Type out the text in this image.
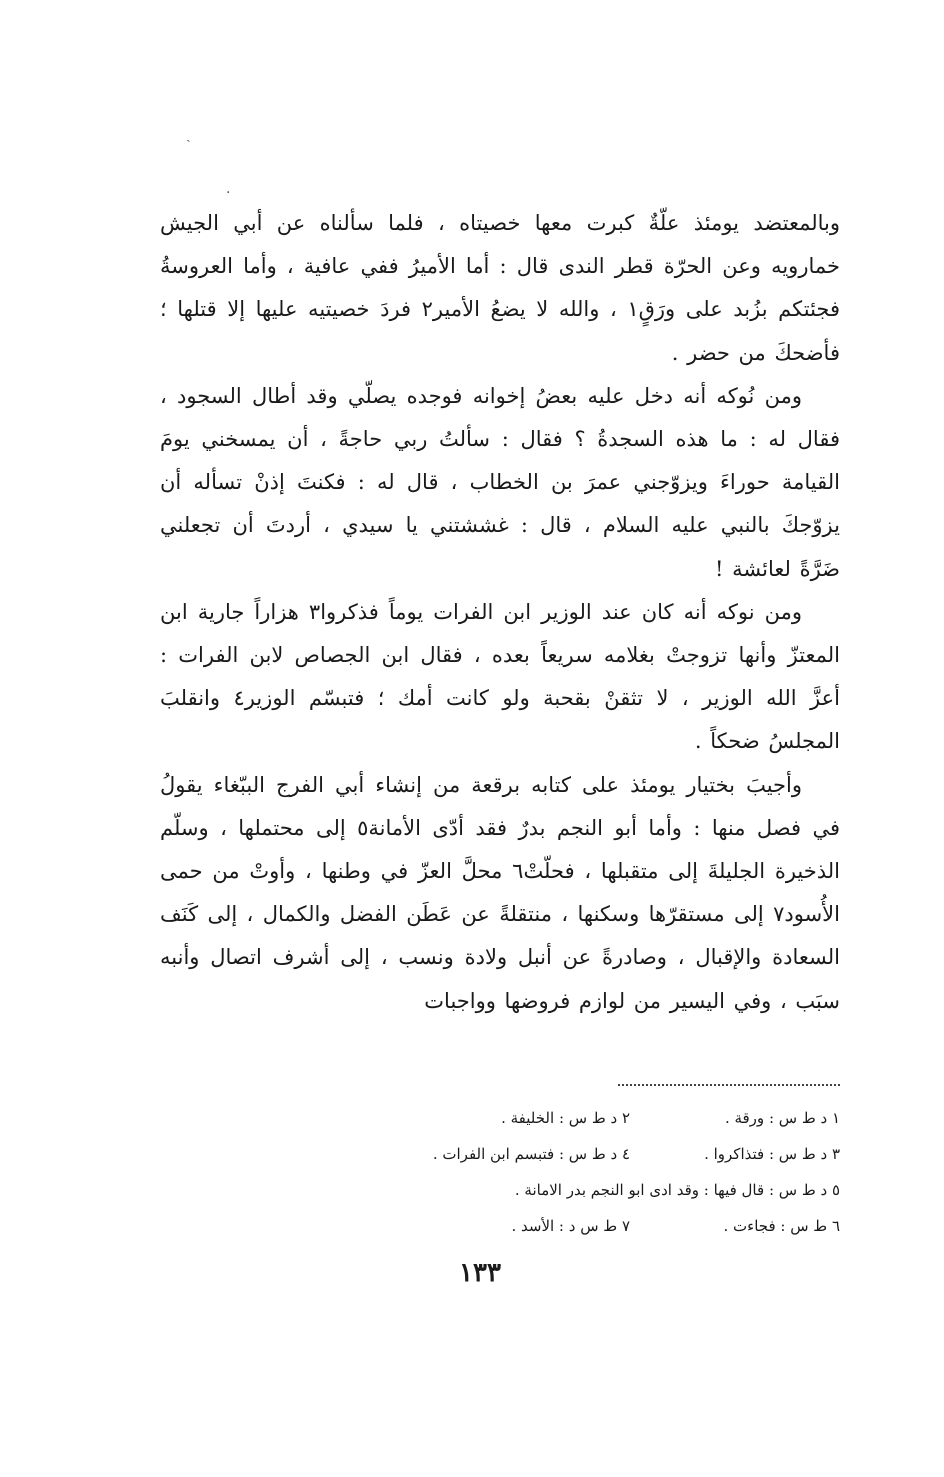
ˎ
·

وبالمعتضد يومئذ علّةٌ كبرت معها خصيتاه ، فلما سألناه عن أبي الجيش خمارويه وعن الحرّة قطر الندى قال : أما الأميرُ ففي عافية ، وأما العروسةُ فجئتكم بزُبد على ورَقٍ١ ، والله لا يضعُ الأمير٢ فردَ خصيتيه عليها إلا قتلها ؛ فأضحكَ من حضر .

ومن نُوكه أنه دخل عليه بعضُ إخوانه فوجده يصلّي وقد أطال السجود ، فقال له : ما هذه السجدةُ ؟ فقال : سألتُ ربي حاجةً ، أن يمسخني يومَ القيامة حوراءَ ويزوّجني عمرَ بن الخطاب ، قال له : فكنتَ إذنْ تسأله أن يزوّجكَ بالنبي عليه السلام ، قال : غششتني يا سيدي ، أردتَ أن تجعلني ضَرَّةً لعائشة !

ومن نوكه أنه كان عند الوزير ابن الفرات يوماً فذكروا٣ هزاراً جارية ابن المعتزّ وأنها تزوجتْ بغلامه سريعاً بعده ، فقال ابن الجصاص لابن الفرات : أعزَّ الله الوزير ، لا تثقنْ بقحبة ولو كانت أمك ؛ فتبسّم الوزير٤ وانقلبَ المجلسُ ضحكاً .

وأجيبَ بختيار يومئذ على كتابه برقعة من إنشاء أبي الفرج الببّغاء يقولُ في فصل منها : وأما أبو النجم بدرٌ فقد أدّى الأمانة٥ إلى محتملها ، وسلّم الذخيرة الجليلةَ إلى متقبلها ، فحلّتْ٦ محلَّ العزّ في وطنها ، وأوتْ من حمى الأُسود٧ إلى مستقرّها وسكنها ، منتقلةً عن عَطَن الفضل والكمال ، إلى كَنَف السعادة والإقبال ، وصادرةً عن أنبل ولادة ونسب ، إلى أشرف اتصال وأنبه سبَب ، وفي اليسير من لوازم فروضها وواجبات

١ د ط س : ورقة .
٢ د ط س : الخليفة .
٣ د ط س : فتذاكروا .
٤ د ط س : فتبسم ابن الفرات .
٥ د ط س : قال فيها : وقد ادى ابو النجم بدر الامانة .
٦ ط س : فجاءت .
٧ ط س د : الأسد .
١٣٣
